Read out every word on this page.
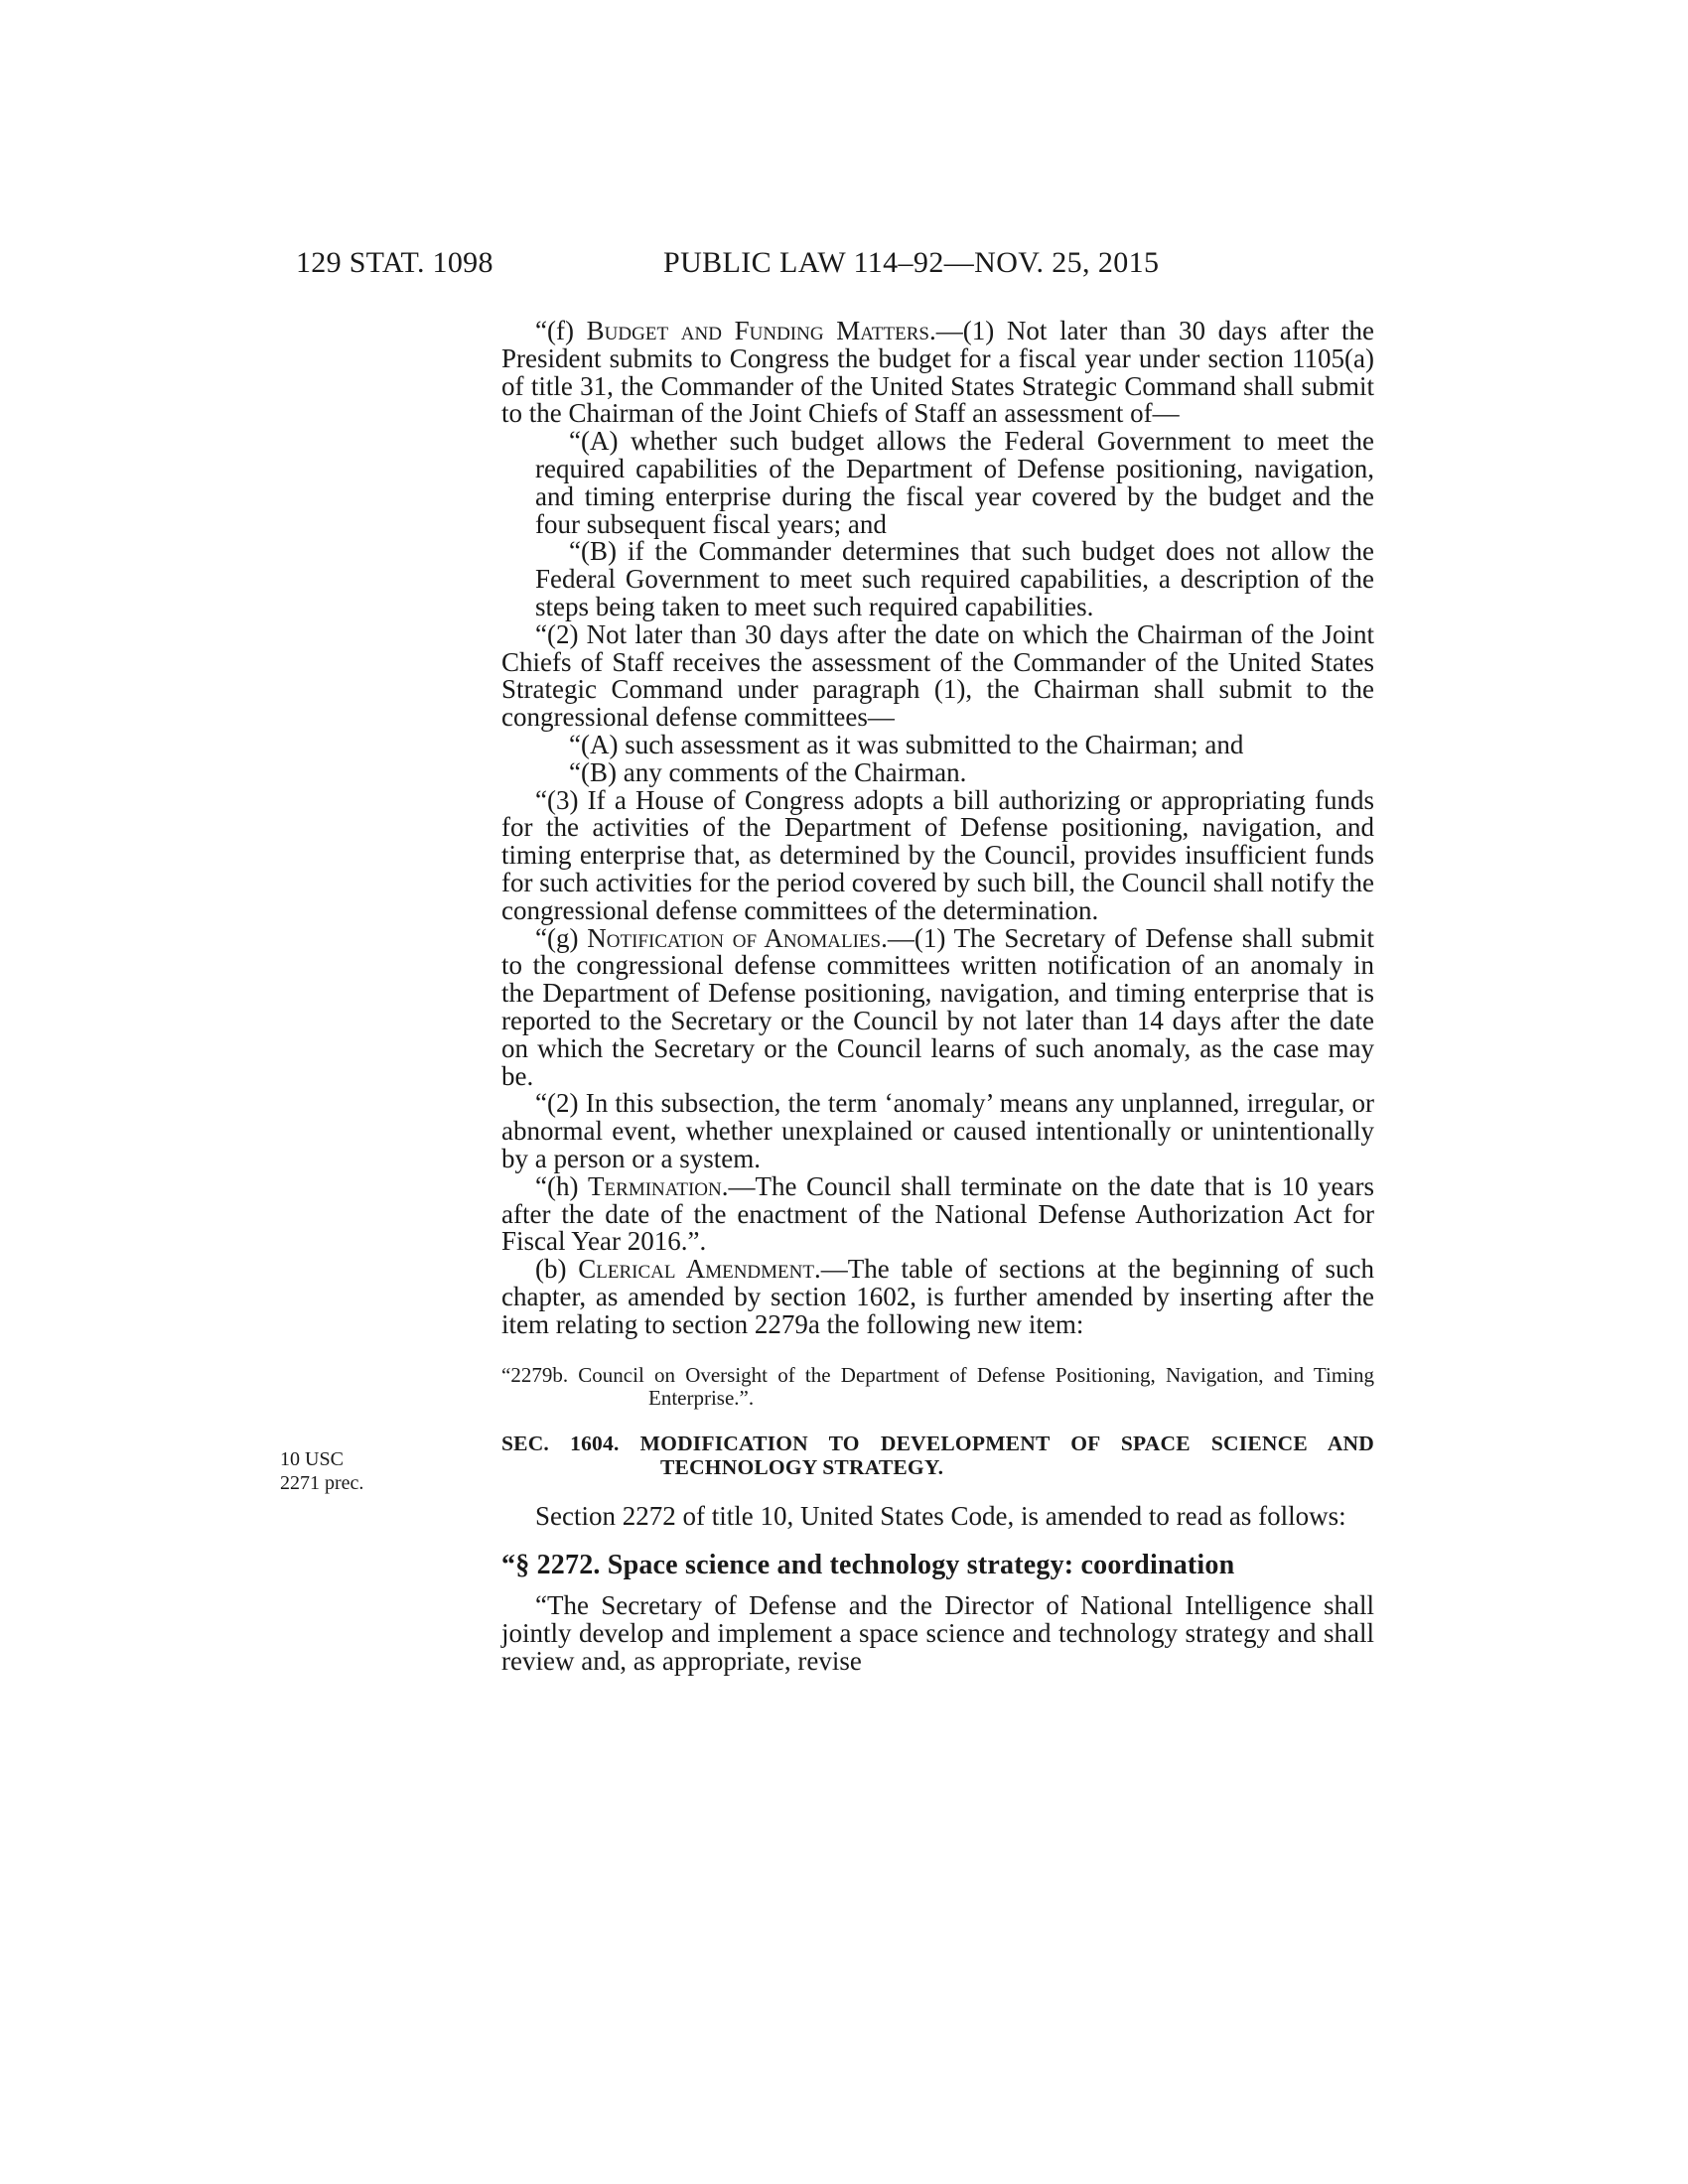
129 STAT. 1098	PUBLIC LAW 114–92—NOV. 25, 2015
10 USC
2271 prec.

“(f) Budget and Funding Matters.—(1) Not later than 30 days after the President submits to Congress the budget for a fiscal year under section 1105(a) of title 31, the Commander of the United States Strategic Command shall submit to the Chairman of the Joint Chiefs of Staff an assessment of—

“(A) whether such budget allows the Federal Government to meet the required capabilities of the Department of Defense positioning, navigation, and timing enterprise during the fiscal year covered by the budget and the four subsequent fiscal years; and

“(B) if the Commander determines that such budget does not allow the Federal Government to meet such required capabilities, a description of the steps being taken to meet such required capabilities.

“(2) Not later than 30 days after the date on which the Chairman of the Joint Chiefs of Staff receives the assessment of the Commander of the United States Strategic Command under paragraph (1), the Chairman shall submit to the congressional defense committees—

“(A) such assessment as it was submitted to the Chairman; and

“(B) any comments of the Chairman.

“(3) If a House of Congress adopts a bill authorizing or appropriating funds for the activities of the Department of Defense positioning, navigation, and timing enterprise that, as determined by the Council, provides insufficient funds for such activities for the period covered by such bill, the Council shall notify the congressional defense committees of the determination.

“(g) Notification of Anomalies.—(1) The Secretary of Defense shall submit to the congressional defense committees written notification of an anomaly in the Department of Defense positioning, navigation, and timing enterprise that is reported to the Secretary or the Council by not later than 14 days after the date on which the Secretary or the Council learns of such anomaly, as the case may be.

“(2) In this subsection, the term ‘anomaly’ means any unplanned, irregular, or abnormal event, whether unexplained or caused intentionally or unintentionally by a person or a system.

“(h) Termination.—The Council shall terminate on the date that is 10 years after the date of the enactment of the National Defense Authorization Act for Fiscal Year 2016.”.

(b) Clerical Amendment.—The table of sections at the beginning of such chapter, as amended by section 1602, is further amended by inserting after the item relating to section 2279a the following new item:

“2279b. Council on Oversight of the Department of Defense Positioning, Navigation, and Timing Enterprise.”.

SEC. 1604. MODIFICATION TO DEVELOPMENT OF SPACE SCIENCE AND TECHNOLOGY STRATEGY.

Section 2272 of title 10, United States Code, is amended to read as follows:

“§ 2272. Space science and technology strategy: coordination

“The Secretary of Defense and the Director of National Intelligence shall jointly develop and implement a space science and technology strategy and shall review and, as appropriate, revise
